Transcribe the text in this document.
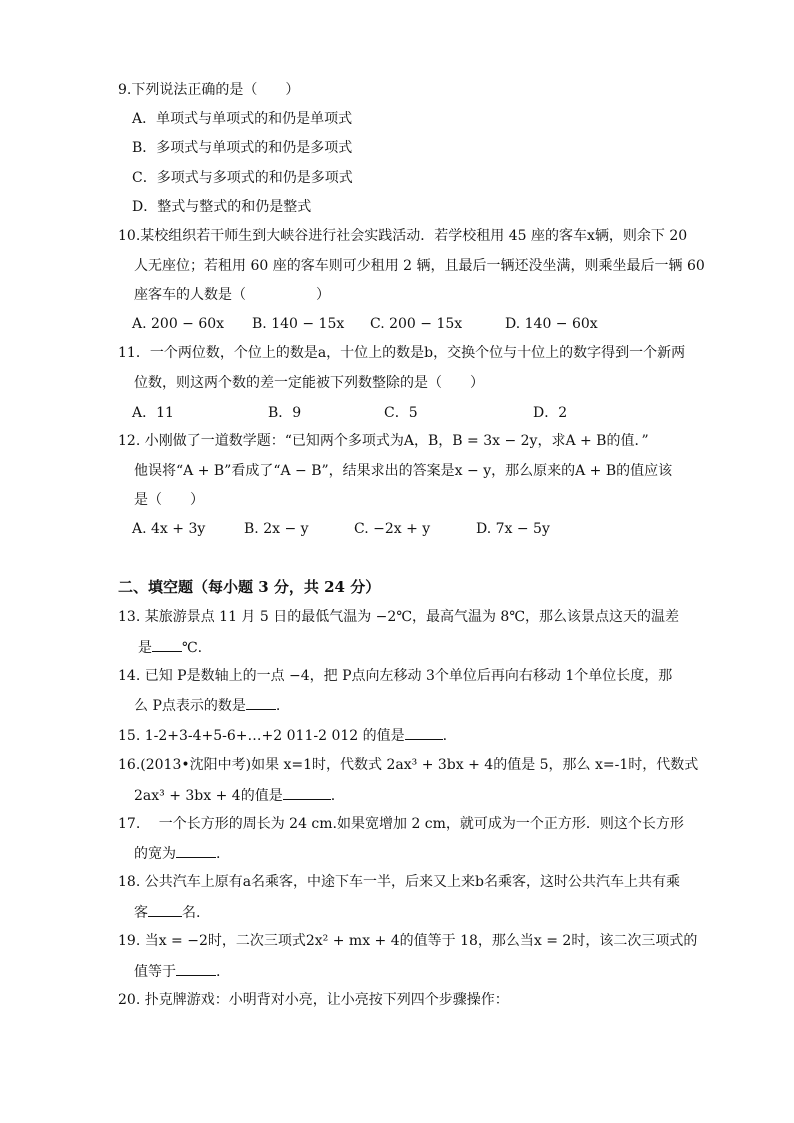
9.下列说法正确的是（　　）
A．单项式与单项式的和仍是单项式
B．多项式与单项式的和仍是多项式
C．多项式与多项式的和仍是多项式
D．整式与整式的和仍是整式
10.某校组织若干师生到大峡谷进行社会实践活动．若学校租用 45 座的客车x辆，则余下 20
人无座位；若租用 60 座的客车则可少租用 2 辆，且最后一辆还没坐满，则乘坐最后一辆 60
座客车的人数是（　　　　　）
A. 200 − 60x B. 140 − 15x C. 200 − 15x	D. 140 − 60x
11．一个两位数，个位上的数是a，十位上的数是b，交换个位与十位上的数字得到一个新两
位数，则这两个数的差一定能被下列数整除的是（　　）
A．11	B．9	C．5	D．2
12. 小刚做了一道数学题：“已知两个多项式为A，B，B = 3x − 2y，求A + B的值．”
他误将“A + B”看成了“A − B”，结果求出的答案是x − y，那么原来的A + B的值应该
是（　　）
A. 4x + 3y	B. 2x − y	C. −2x + y	D. 7x − 5y
二、填空题（每小题 3 分，共 24 分）
13. 某旅游景点 11 月 5 日的最低气温为 −2℃，最高气温为 8℃，那么该景点这天的温差
是 ℃.
14. 已知 P是数轴上的一点 −4，把 P点向左移动 3个单位后再向右移动 1个单位长度，那
么 P点表示的数是 .
15. 1-2+3-4+5-6+…+2 011-2 012 的值是	.
16.(2013•沈阳中考)如果 x=1时，代数式 2ax³ + 3bx + 4的值是 5，那么 x=-1时，代数式
2ax³ + 3bx + 4的值是	.
17.　 一个长方形的周长为 24 cm.如果宽增加 2 cm，就可成为一个正方形．则这个长方形
的宽为	.
18. 公共汽车上原有a名乘客，中途下车一半，后来又上来b名乘客，这时公共汽车上共有乘
客 名.
19. 当x = −2时，二次三项式2x² + mx + 4的值等于 18，那么当x = 2时，该二次三项式的
值等于	.
20. 扑克牌游戏：小明背对小亮，让小亮按下列四个步骤操作：
